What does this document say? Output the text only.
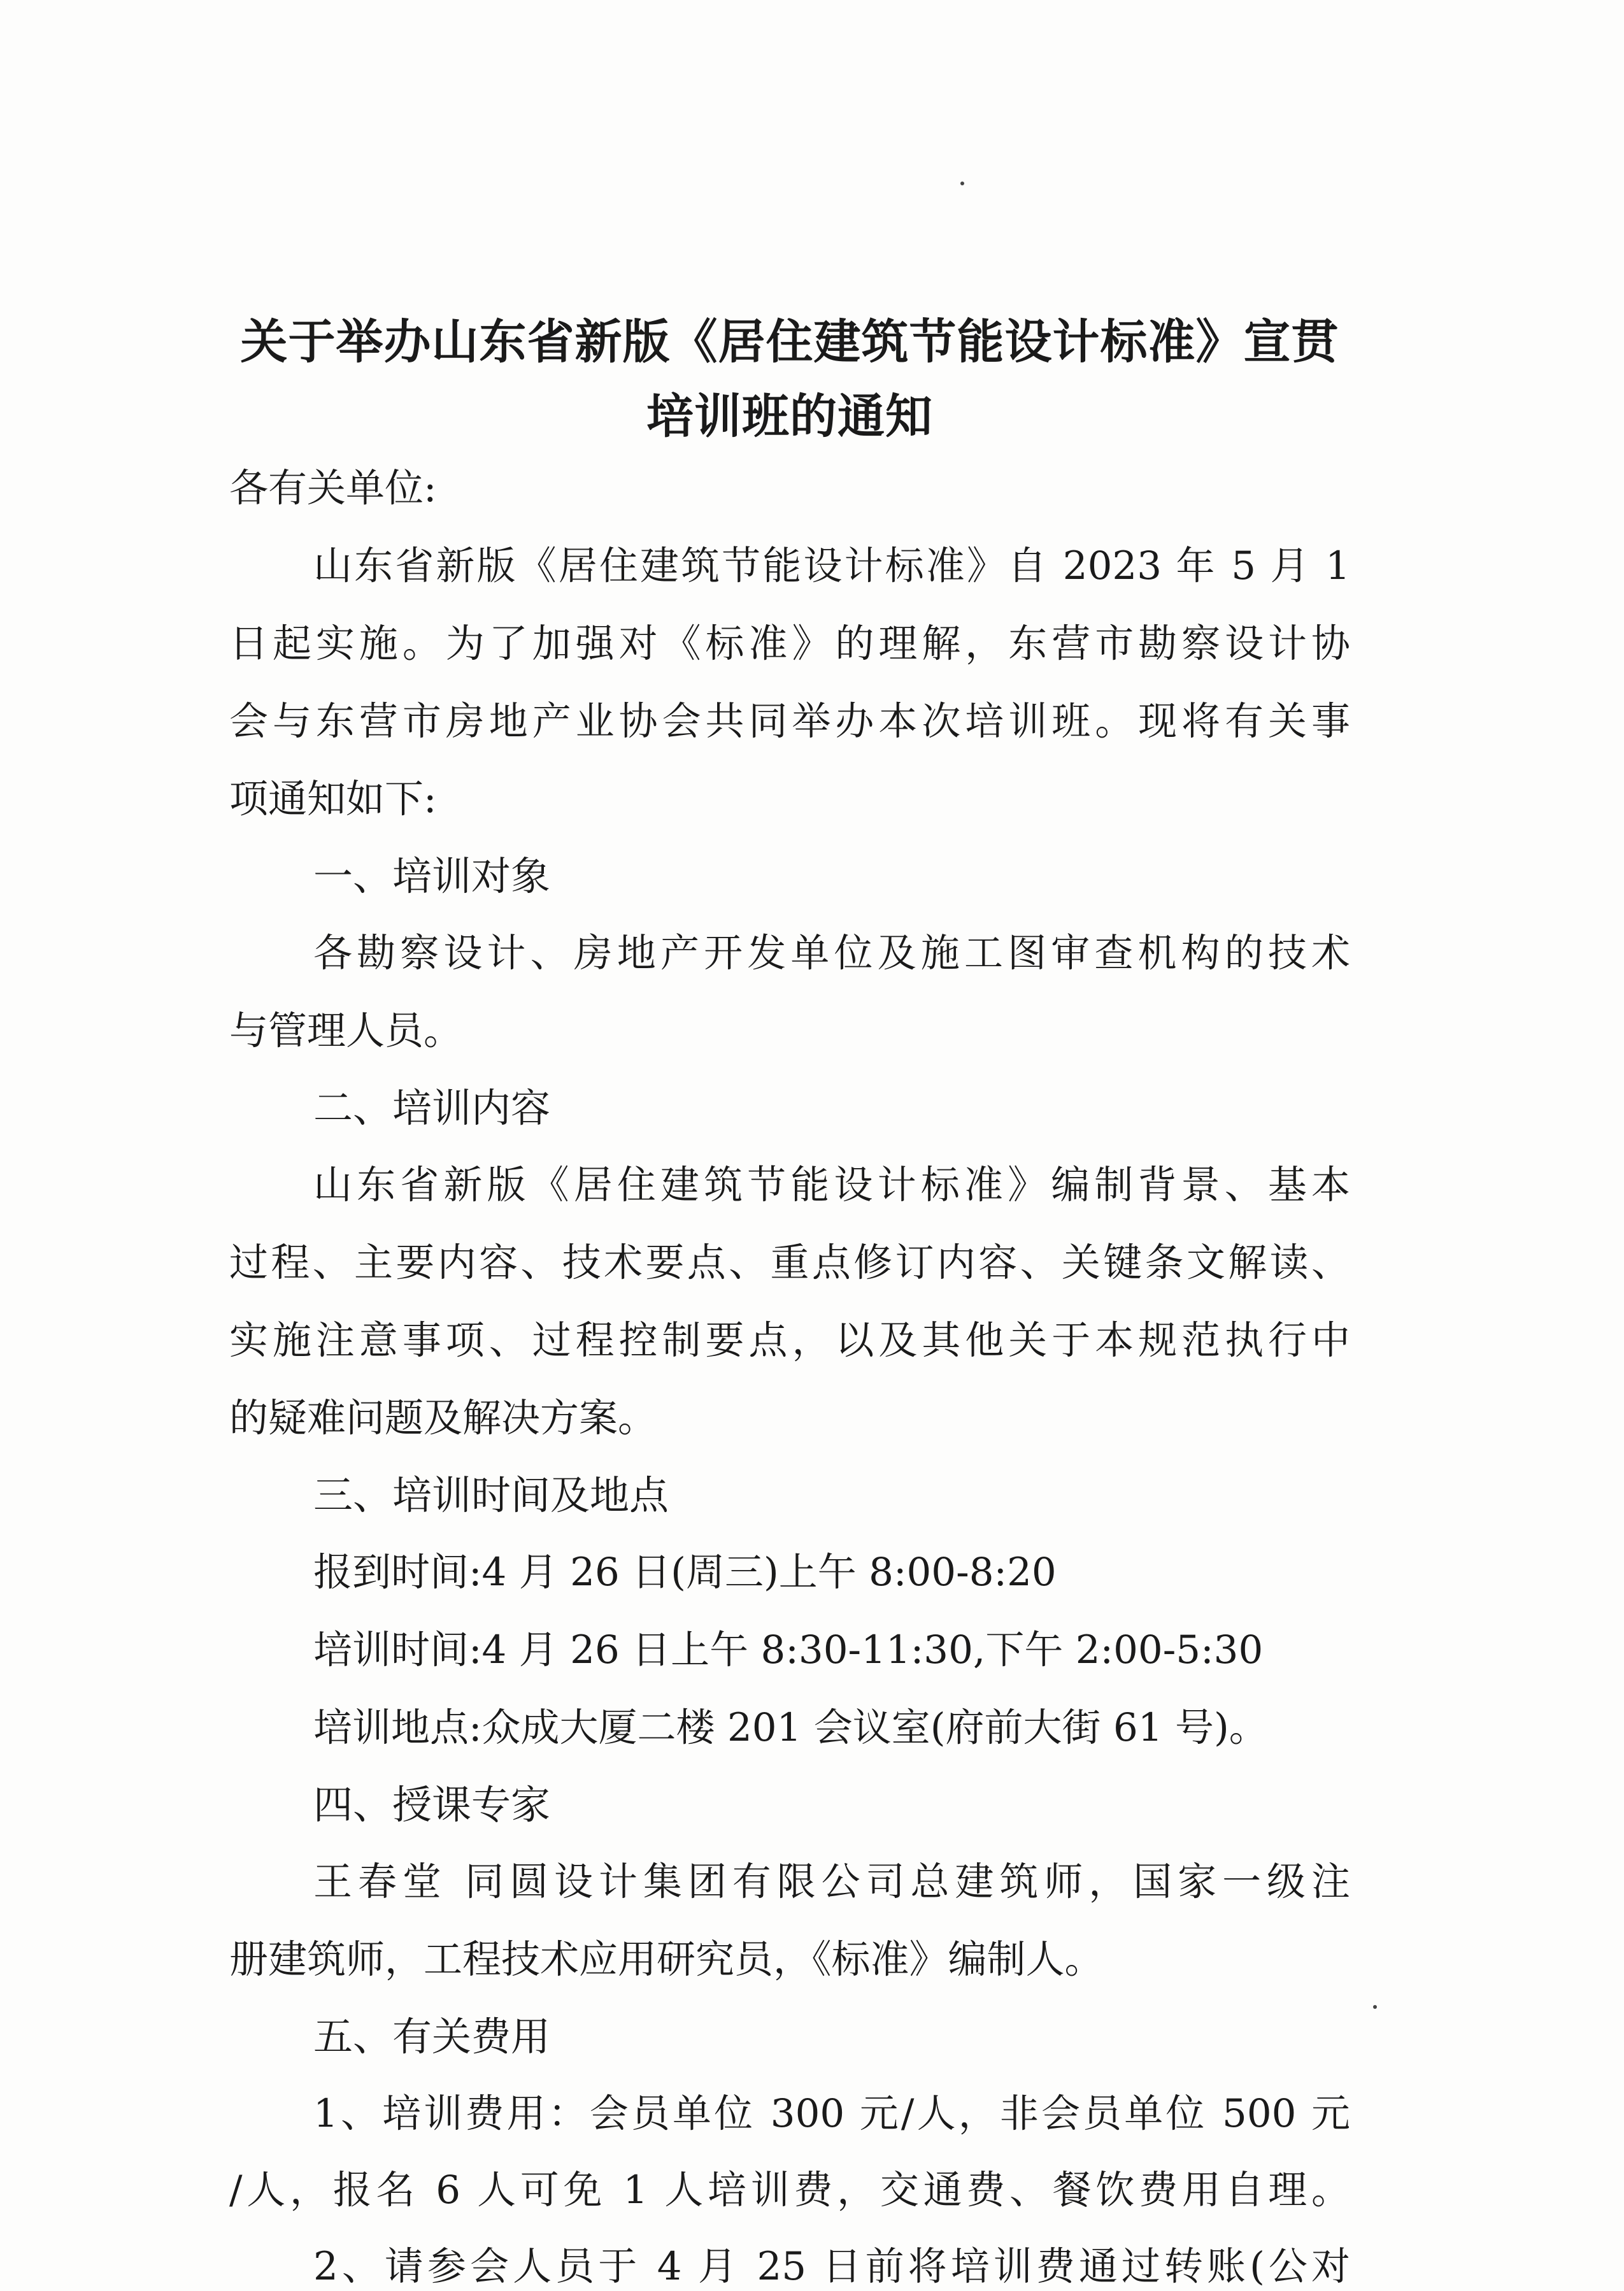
关于举办山东省新版《居住建筑节能设计标准》宣贯
培训班的通知
各有关单位:
山东省新版《居住建筑节能设计标准》自 2023 年 5 月 1
日起实施。为了加强对《标准》的理解，东营市勘察设计协
会与东营市房地产业协会共同举办本次培训班。现将有关事
项通知如下:
一、培训对象
各勘察设计、房地产开发单位及施工图审查机构的技术
与管理人员。
二、培训内容
山东省新版《居住建筑节能设计标准》编制背景、基本
过程、主要内容、技术要点、重点修订内容、关键条文解读、
实施注意事项、过程控制要点，以及其他关于本规范执行中
的疑难问题及解决方案。
三、培训时间及地点
报到时间:4 月 26 日(周三)上午 8:00-8:20
培训时间:4 月 26 日上午 8:30-11:30,下午 2:00-5:30
培训地点:众成大厦二楼 201 会议室(府前大街 61 号)。
四、授课专家
王春堂 同圆设计集团有限公司总建筑师，国家一级注
册建筑师，工程技术应用研究员，《标准》编制人。
五、有关费用
1、培训费用：会员单位 300 元/人，非会员单位 500 元
/人，报名 6 人可免 1 人培训费，交通费、餐饮费用自理。
2、请参会人员于 4 月 25 日前将培训费通过转账(公对
